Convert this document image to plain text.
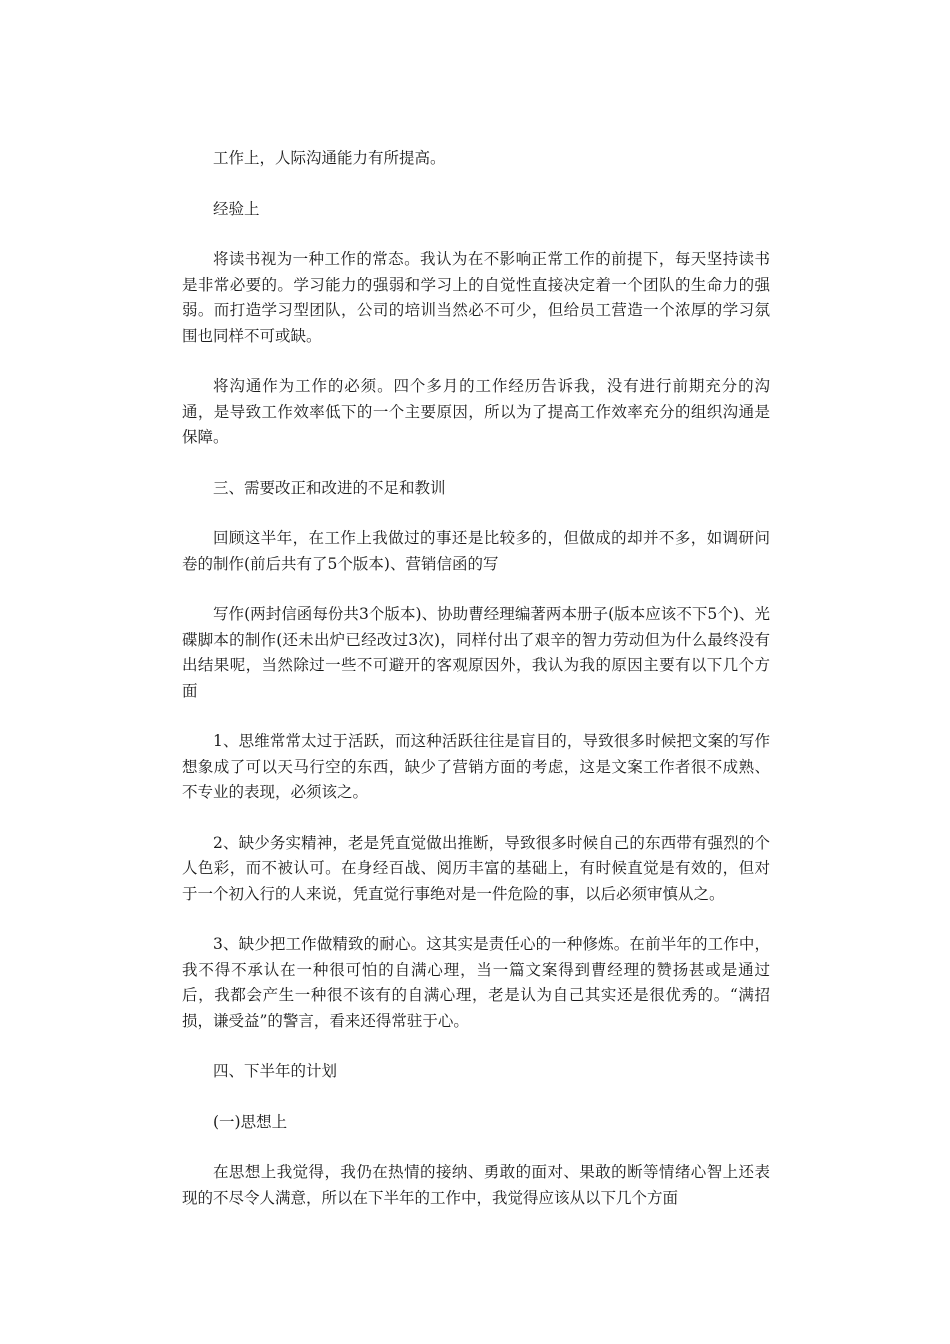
工作上，人际沟通能力有所提高。

经验上

将读书视为一种工作的常态。我认为在不影响正常工作的前提下，每天坚持读书是非常必要的。学习能力的强弱和学习上的自觉性直接决定着一个团队的生命力的强弱。而打造学习型团队，公司的培训当然必不可少，但给员工营造一个浓厚的学习氛围也同样不可或缺。

将沟通作为工作的必须。四个多月的工作经历告诉我，没有进行前期充分的沟通，是导致工作效率低下的一个主要原因，所以为了提高工作效率充分的组织沟通是保障。

三、需要改正和改进的不足和教训

回顾这半年，在工作上我做过的事还是比较多的，但做成的却并不多，如调研问卷的制作(前后共有了5个版本)、营销信函的写

写作(两封信函每份共3个版本)、协助曹经理编著两本册子(版本应该不下5个)、光碟脚本的制作(还未出炉已经改过3次)，同样付出了艰辛的智力劳动但为什么最终没有出结果呢，当然除过一些不可避开的客观原因外，我认为我的原因主要有以下几个方面

1、思维常常太过于活跃，而这种活跃往往是盲目的，导致很多时候把文案的写作想象成了可以天马行空的东西，缺少了营销方面的考虑，这是文案工作者很不成熟、不专业的表现，必须该之。

2、缺少务实精神，老是凭直觉做出推断，导致很多时候自己的东西带有强烈的个人色彩，而不被认可。在身经百战、阅历丰富的基础上，有时候直觉是有效的，但对于一个初入行的人来说，凭直觉行事绝对是一件危险的事，以后必须审慎从之。

3、缺少把工作做精致的耐心。这其实是责任心的一种修炼。在前半年的工作中，我不得不承认在一种很可怕的自满心理，当一篇文案得到曹经理的赞扬甚或是通过后，我都会产生一种很不该有的自满心理，老是认为自己其实还是很优秀的。“满招损，谦受益”的警言，看来还得常驻于心。

四、下半年的计划

(一)思想上

在思想上我觉得，我仍在热情的接纳、勇敢的面对、果敢的断等情绪心智上还表现的不尽令人满意，所以在下半年的工作中，我觉得应该从以下几个方面
